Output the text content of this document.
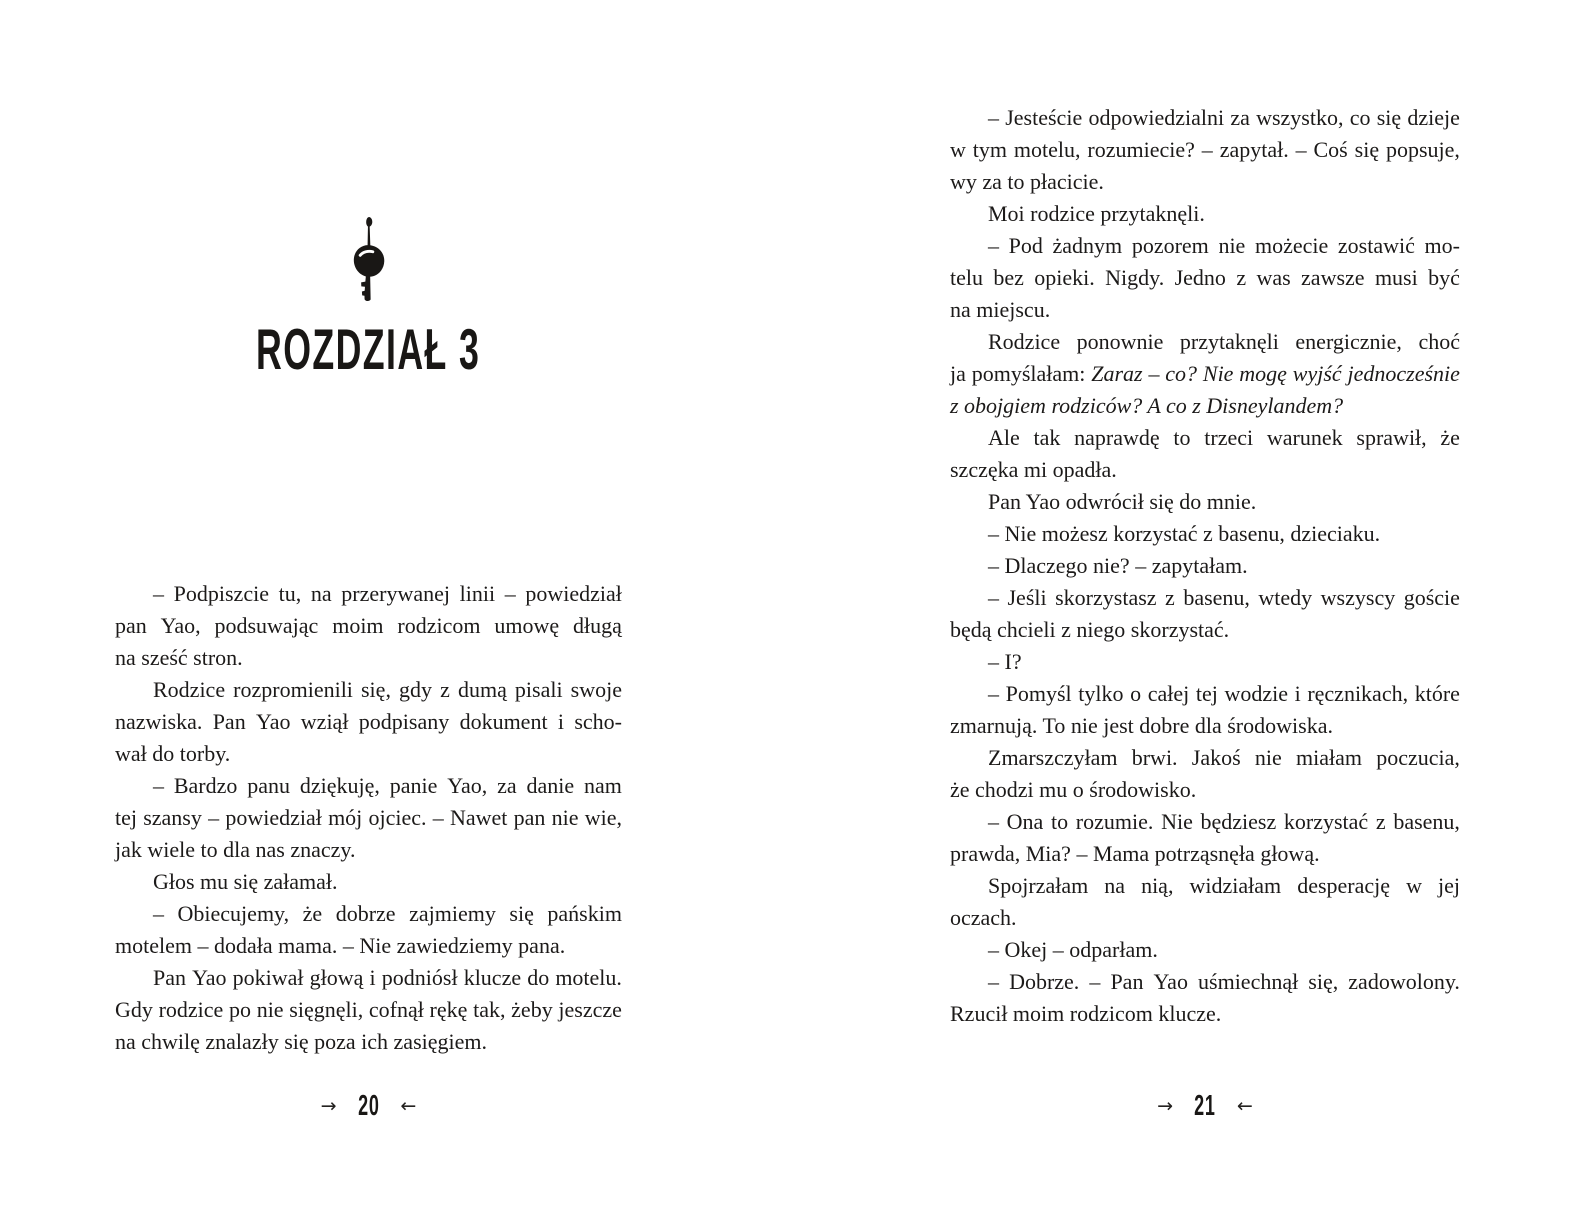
ROZDZIAŁ 3
– Podpiszcie tu, na przerywanej linii – powiedział
pan Yao, podsuwając moim rodzicom umowę długą
na sześć stron.
Rodzice rozpromienili się, gdy z dumą pisali swoje
nazwiska. Pan Yao wziął podpisany dokument i scho-
wał do torby.
– Bardzo panu dziękuję, panie Yao, za danie nam
tej szansy – powiedział mój ojciec. – Nawet pan nie wie,
jak wiele to dla nas znaczy.
Głos mu się załamał.
– Obiecujemy, że dobrze zajmiemy się pańskim
motelem – dodała mama. – Nie zawiedziemy pana.
Pan Yao pokiwał głową i podniósł klucze do motelu.
Gdy rodzice po nie sięgnęli, cofnął rękę tak, żeby jeszcze
na chwilę znalazły się poza ich zasięgiem.
– Jesteście odpowiedzialni za wszystko, co się dzieje
w tym motelu, rozumiecie? – zapytał. – Coś się popsuje,
wy za to płacicie.
Moi rodzice przytaknęli.
– Pod żadnym pozorem nie możecie zostawić mo-
telu bez opieki. Nigdy. Jedno z was zawsze musi być
na miejscu.
Rodzice ponownie przytaknęli energicznie, choć
ja pomyślałam: Zaraz – co? Nie mogę wyjść jednocześnie
z obojgiem rodziców? A co z Disneylandem?
Ale tak naprawdę to trzeci warunek sprawił, że
szczęka mi opadła.
Pan Yao odwrócił się do mnie.
– Nie możesz korzystać z basenu, dzieciaku.
– Dlaczego nie? – zapytałam.
– Jeśli skorzystasz z basenu, wtedy wszyscy goście
będą chcieli z niego skorzystać.
– I?
– Pomyśl tylko o całej tej wodzie i ręcznikach, które
zmarnują. To nie jest dobre dla środowiska.
Zmarszczyłam brwi. Jakoś nie miałam poczucia,
że chodzi mu o środowisko.
– Ona to rozumie. Nie będziesz korzystać z basenu,
prawda, Mia? – Mama potrząsnęła głową.
Spojrzałam na nią, widziałam desperację w jej
oczach.
– Okej – odparłam.
– Dobrze. – Pan Yao uśmiechnął się, zadowolony.
Rzucił moim rodzicom klucze.
→ 20 ←	→ 21 ←
